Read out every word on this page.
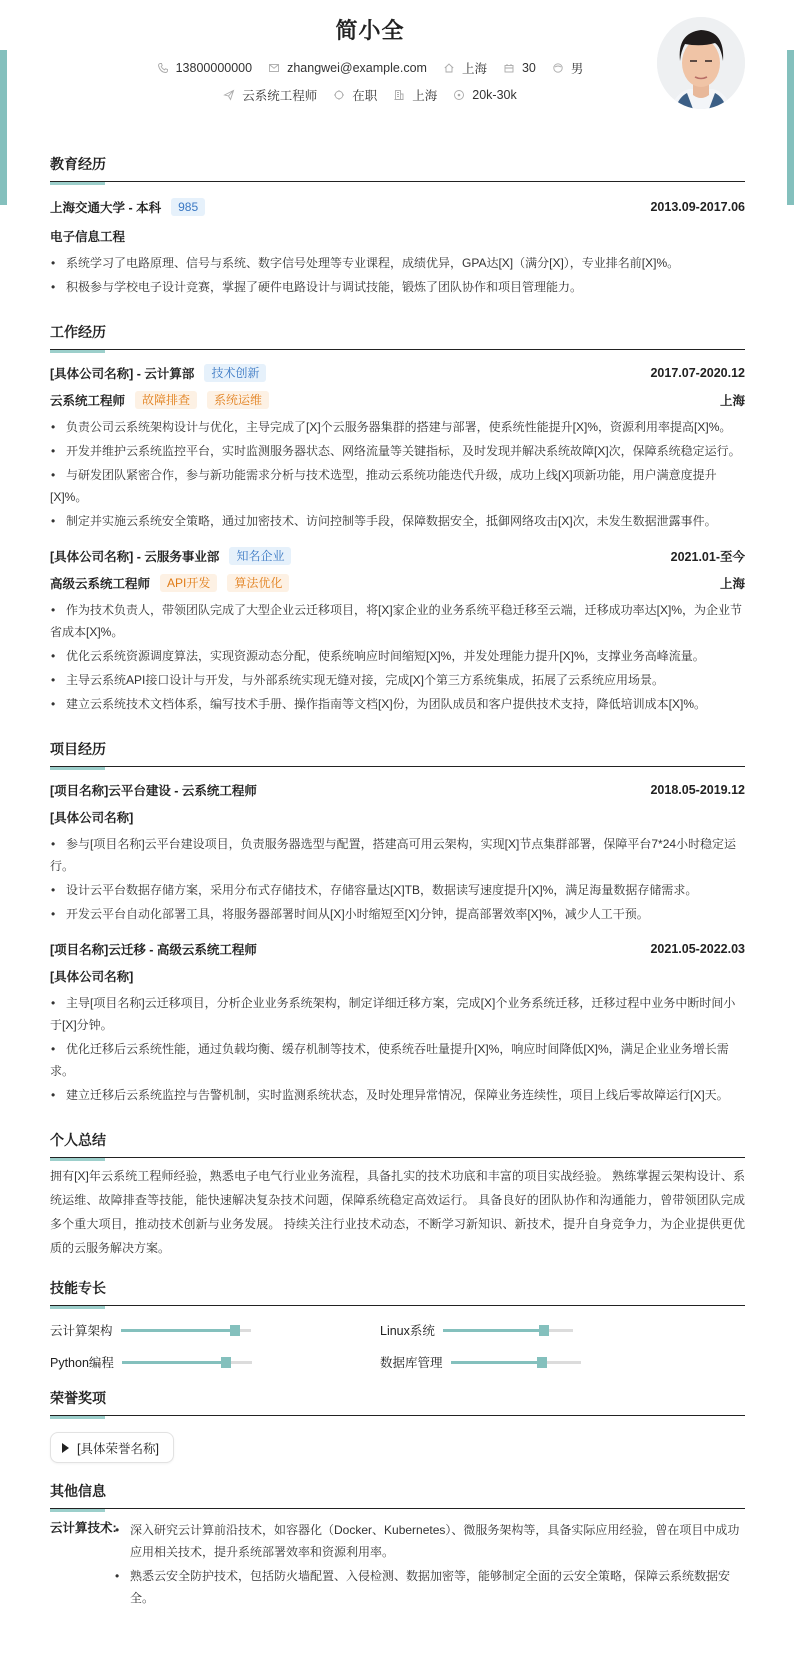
简小全
13800000000	zhangwei@example.com	上海	30	男
云系统工程师	在职	上海	20k-30k
教育经历
上海交通大学 - 本科	985	2013.09-2017.06
电子信息工程
• 系统学习了电路原理、信号与系统、数字信号处理等专业课程，成绩优异，GPA达[X]（满分[X]），专业排名前[X]%。
• 积极参与学校电子设计竞赛，掌握了硬件电路设计与调试技能，锻炼了团队协作和项目管理能力。
工作经历
[具体公司名称] - 云计算部	技术创新	2017.07-2020.12
云系统工程师	故障排查	系统运维	上海
• 负责公司云系统架构设计与优化，主导完成了[X]个云服务器集群的搭建与部署，使系统性能提升[X]%，资源利用率提高[X]%。
• 开发并维护云系统监控平台，实时监测服务器状态、网络流量等关键指标，及时发现并解决系统故障[X]次，保障系统稳定运行。
• 与研发团队紧密合作，参与新功能需求分析与技术选型，推动云系统功能迭代升级，成功上线[X]项新功能，用户满意度提升[X]%。
• 制定并实施云系统安全策略，通过加密技术、访问控制等手段，保障数据安全，抵御网络攻击[X]次，未发生数据泄露事件。
[具体公司名称] - 云服务事业部	知名企业	2021.01-至今
高级云系统工程师	API开发	算法优化	上海
• 作为技术负责人，带领团队完成了大型企业云迁移项目，将[X]家企业的业务系统平稳迁移至云端，迁移成功率达[X]%，为企业节省成本[X]%。
• 优化云系统资源调度算法，实现资源动态分配，使系统响应时间缩短[X]%，并发处理能力提升[X]%，支撑业务高峰流量。
• 主导云系统API接口设计与开发，与外部系统实现无缝对接，完成[X]个第三方系统集成，拓展了云系统应用场景。
• 建立云系统技术文档体系，编写技术手册、操作指南等文档[X]份，为团队成员和客户提供技术支持，降低培训成本[X]%。
项目经历
[项目名称]云平台建设 - 云系统工程师	2018.05-2019.12
[具体公司名称]
• 参与[项目名称]云平台建设项目，负责服务器选型与配置，搭建高可用云架构，实现[X]节点集群部署，保障平台7*24小时稳定运行。
• 设计云平台数据存储方案，采用分布式存储技术，存储容量达[X]TB，数据读写速度提升[X]%，满足海量数据存储需求。
• 开发云平台自动化部署工具，将服务器部署时间从[X]小时缩短至[X]分钟，提高部署效率[X]%，减少人工干预。
[项目名称]云迁移 - 高级云系统工程师	2021.05-2022.03
[具体公司名称]
• 主导[项目名称]云迁移项目，分析企业业务系统架构，制定详细迁移方案，完成[X]个业务系统迁移，迁移过程中业务中断时间小于[X]分钟。
• 优化迁移后云系统性能，通过负载均衡、缓存机制等技术，使系统吞吐量提升[X]%，响应时间降低[X]%，满足企业业务增长需求。
• 建立迁移后云系统监控与告警机制，实时监测系统状态，及时处理异常情况，保障业务连续性，项目上线后零故障运行[X]天。
个人总结
拥有[X]年云系统工程师经验，熟悉电子电气行业业务流程，具备扎实的技术功底和丰富的项目实战经验。 熟练掌握云架构设计、系统运维、故障排查等技能，能快速解决复杂技术问题，保障系统稳定高效运行。 具备良好的团队协作和沟通能力，曾带领团队完成多个重大项目，推动技术创新与业务发展。 持续关注行业技术动态，不断学习新知识、新技术，提升自身竞争力，为企业提供更优质的云服务解决方案。
技能专长
云计算架构	Linux系统
Python编程	数据库管理
荣誉奖项
[具体荣誉名称]
其他信息
云计算技术:	• 深入研究云计算前沿技术，如容器化（Docker、Kubernetes）、微服务架构等，具备实际应用经验，曾在项目中成功应用相关技术，提升系统部署效率和资源利用率。
• 熟悉云安全防护技术，包括防火墙配置、入侵检测、数据加密等，能够制定全面的云安全策略，保障云系统数据安全。
